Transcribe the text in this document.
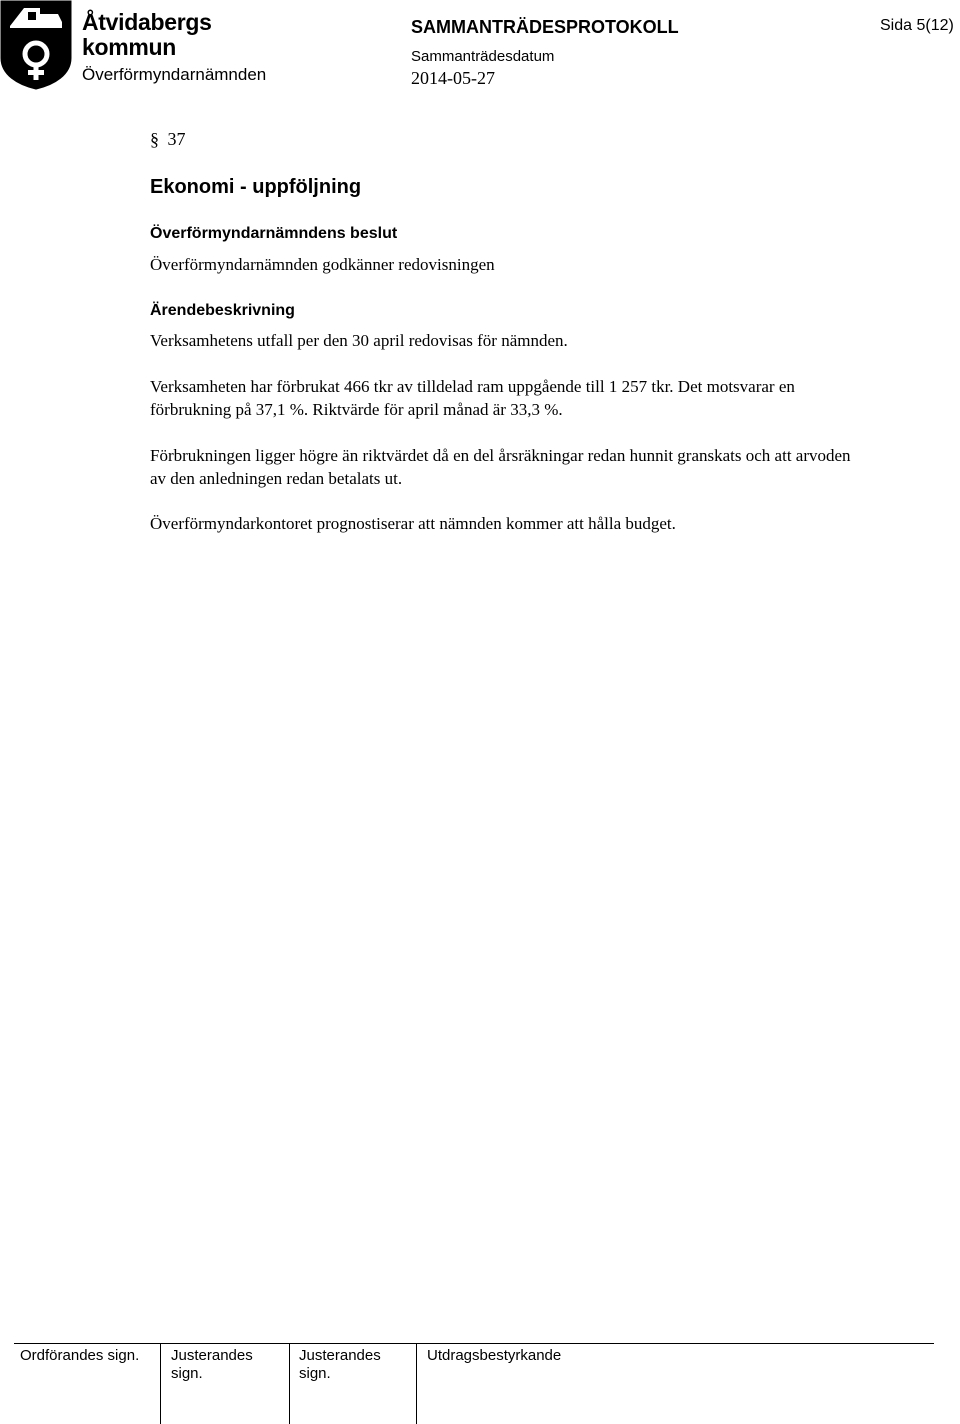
Åtvidabergs
kommun
Överförmyndarnämnden
SAMMANTRÄDESPROTOKOLL
Sammanträdesdatum
2014-05-27
Sida 5(12)
§ 37
Ekonomi - uppföljning
Överförmyndarnämndens beslut
Överförmyndarnämnden godkänner redovisningen
Ärendebeskrivning
Verksamhetens utfall per den 30 april redovisas för nämnden.
Verksamheten har förbrukat 466 tkr av tilldelad ram uppgående till 1 257 tkr. Det motsvarar en förbrukning på 37,1 %. Riktvärde för april månad är 33,3 %.
Förbrukningen ligger högre än riktvärdet då en del årsräkningar redan hunnit granskats och att arvoden av den anledningen redan betalats ut.
Överförmyndarkontoret prognostiserar att nämnden kommer att hålla budget.
Ordförandes sign. Justerandes
sign.
Justerandes
sign.
Utdragsbestyrkande
